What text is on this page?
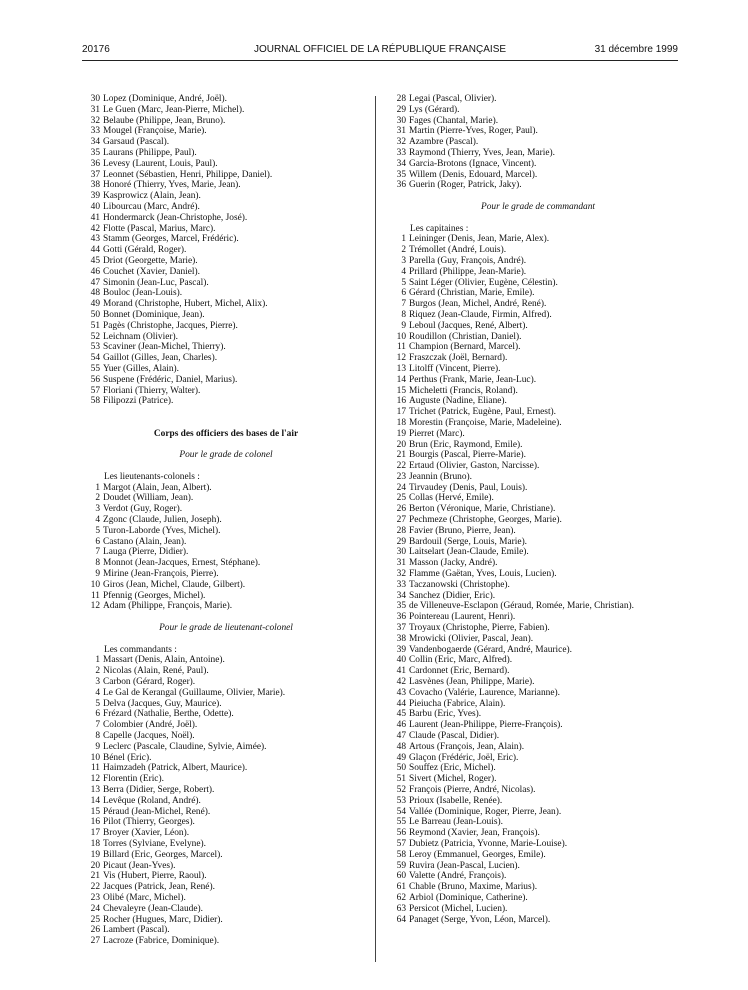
20176	JOURNAL OFFICIEL DE LA RÉPUBLIQUE FRANÇAISE	31 décembre 1999
30 Lopez (Dominique, André, Joël).
31 Le Guen (Marc, Jean-Pierre, Michel).
32 Belaube (Philippe, Jean, Bruno).
33 Mougel (Françoise, Marie).
34 Garsaud (Pascal).
35 Laurans (Philippe, Paul).
36 Levesy (Laurent, Louis, Paul).
37 Leonnet (Sébastien, Henri, Philippe, Daniel).
38 Honoré (Thierry, Yves, Marie, Jean).
39 Kasprowicz (Alain, Jean).
40 Libourcau (Marc, André).
41 Hondermarck (Jean-Christophe, José).
42 Flotte (Pascal, Marius, Marc).
43 Stamm (Georges, Marcel, Frédéric).
44 Gotti (Gérald, Roger).
45 Driot (Georgette, Marie).
46 Couchet (Xavier, Daniel).
47 Simonin (Jean-Luc, Pascal).
48 Bouloc (Jean-Louis).
49 Morand (Christophe, Hubert, Michel, Alix).
50 Bonnet (Dominique, Jean).
51 Pagès (Christophe, Jacques, Pierre).
52 Leichnam (Olivier).
53 Scaviner (Jean-Michel, Thierry).
54 Gaillot (Gilles, Jean, Charles).
55 Yuer (Gilles, Alain).
56 Suspene (Frédéric, Daniel, Marius).
57 Floriani (Thierry, Walter).
58 Filipozzi (Patrice).
Corps des officiers des bases de l'air
Pour le grade de colonel
Les lieutenants-colonels :
1 Margot (Alain, Jean, Albert).
2 Doudet (William, Jean).
3 Verdot (Guy, Roger).
4 Zgonc (Claude, Julien, Joseph).
5 Turon-Laborde (Yves, Michel).
6 Castano (Alain, Jean).
7 Lauga (Pierre, Didier).
8 Monnot (Jean-Jacques, Ernest, Stéphane).
9 Mirine (Jean-François, Pierre).
10 Giros (Jean, Michel, Claude, Gilbert).
11 Pfennig (Georges, Michel).
12 Adam (Philippe, François, Marie).
Pour le grade de lieutenant-colonel
Les commandants :
1 Massart (Denis, Alain, Antoine).
2 Nicolas (Alain, René, Paul).
3 Carbon (Gérard, Roger).
4 Le Gal de Kerangal (Guillaume, Olivier, Marie).
5 Delva (Jacques, Guy, Maurice).
6 Frézard (Nathalie, Berthe, Odette).
7 Colombier (André, Joël).
8 Capelle (Jacques, Noël).
9 Leclerc (Pascale, Claudine, Sylvie, Aimée).
10 Bénel (Eric).
11 Haimzadeh (Patrick, Albert, Maurice).
12 Florentin (Eric).
13 Berra (Didier, Serge, Robert).
14 Levêque (Roland, André).
15 Péraud (Jean-Michel, René).
16 Pilot (Thierry, Georges).
17 Broyer (Xavier, Léon).
18 Torres (Sylviane, Evelyne).
19 Billard (Eric, Georges, Marcel).
20 Picaut (Jean-Yves).
21 Vis (Hubert, Pierre, Raoul).
22 Jacques (Patrick, Jean, René).
23 Olibé (Marc, Michel).
24 Chevaleyre (Jean-Claude).
25 Rocher (Hugues, Marc, Didier).
26 Lambert (Pascal).
27 Lacroze (Fabrice, Dominique).
28 Legai (Pascal, Olivier).
29 Lys (Gérard).
30 Fages (Chantal, Marie).
31 Martin (Pierre-Yves, Roger, Paul).
32 Azambre (Pascal).
33 Raymond (Thierry, Yves, Jean, Marie).
34 Garcia-Brotons (Ignace, Vincent).
35 Willem (Denis, Edouard, Marcel).
36 Guerin (Roger, Patrick, Jaky).
Pour le grade de commandant
Les capitaines :
1 Leininger (Denis, Jean, Marie, Alex).
2 Trémollet (André, Louis).
3 Parella (Guy, François, André).
4 Prillard (Philippe, Jean-Marie).
5 Saint Léger (Olivier, Eugène, Célestin).
6 Gérard (Christian, Marie, Emile).
7 Burgos (Jean, Michel, André, René).
8 Riquez (Jean-Claude, Firmin, Alfred).
9 Leboul (Jacques, René, Albert).
10 Roudillon (Christian, Daniel).
11 Champion (Bernard, Marcel).
12 Fraszczak (Joël, Bernard).
13 Litolff (Vincent, Pierre).
14 Perthus (Frank, Marie, Jean-Luc).
15 Micheletti (Francis, Roland).
16 Auguste (Nadine, Eliane).
17 Trichet (Patrick, Eugène, Paul, Ernest).
18 Morestin (Françoise, Marie, Madeleine).
19 Pierret (Marc).
20 Brun (Eric, Raymond, Emile).
21 Bourgis (Pascal, Pierre-Marie).
22 Ertaud (Olivier, Gaston, Narcisse).
23 Jeannin (Bruno).
24 Tirvaudey (Denis, Paul, Louis).
25 Collas (Hervé, Emile).
26 Berton (Véronique, Marie, Christiane).
27 Pechmeze (Christophe, Georges, Marie).
28 Favier (Bruno, Pierre, Jean).
29 Bardouil (Serge, Louis, Marie).
30 Laitselart (Jean-Claude, Emile).
31 Masson (Jacky, André).
32 Flamme (Gaëtan, Yves, Louis, Lucien).
33 Taczanowski (Christophe).
34 Sanchez (Didier, Eric).
35 de Villeneuve-Esclapon (Géraud, Romée, Marie, Christian).
36 Pointereau (Laurent, Henri).
37 Troyaux (Christophe, Pierre, Fabien).
38 Mrowicki (Olivier, Pascal, Jean).
39 Vandenbogaerde (Gérard, André, Maurice).
40 Collin (Eric, Marc, Alfred).
41 Cardonnet (Eric, Bernard).
42 Lasvènes (Jean, Philippe, Marie).
43 Covacho (Valérie, Laurence, Marianne).
44 Pieiucha (Fabrice, Alain).
45 Barbu (Eric, Yves).
46 Laurent (Jean-Philippe, Pierre-François).
47 Claude (Pascal, Didier).
48 Artous (François, Jean, Alain).
49 Glaçon (Frédéric, Joël, Eric).
50 Souffez (Eric, Michel).
51 Sivert (Michel, Roger).
52 François (Pierre, André, Nicolas).
53 Prioux (Isabelle, Renée).
54 Vallée (Dominique, Roger, Pierre, Jean).
55 Le Barreau (Jean-Louis).
56 Reymond (Xavier, Jean, François).
57 Dubietz (Patricia, Yvonne, Marie-Louise).
58 Leroy (Emmanuel, Georges, Emile).
59 Ruvira (Jean-Pascal, Lucien).
60 Valette (André, François).
61 Chable (Bruno, Maxime, Marius).
62 Arbiol (Dominique, Catherine).
63 Persicot (Michel, Lucien).
64 Panaget (Serge, Yvon, Léon, Marcel).
